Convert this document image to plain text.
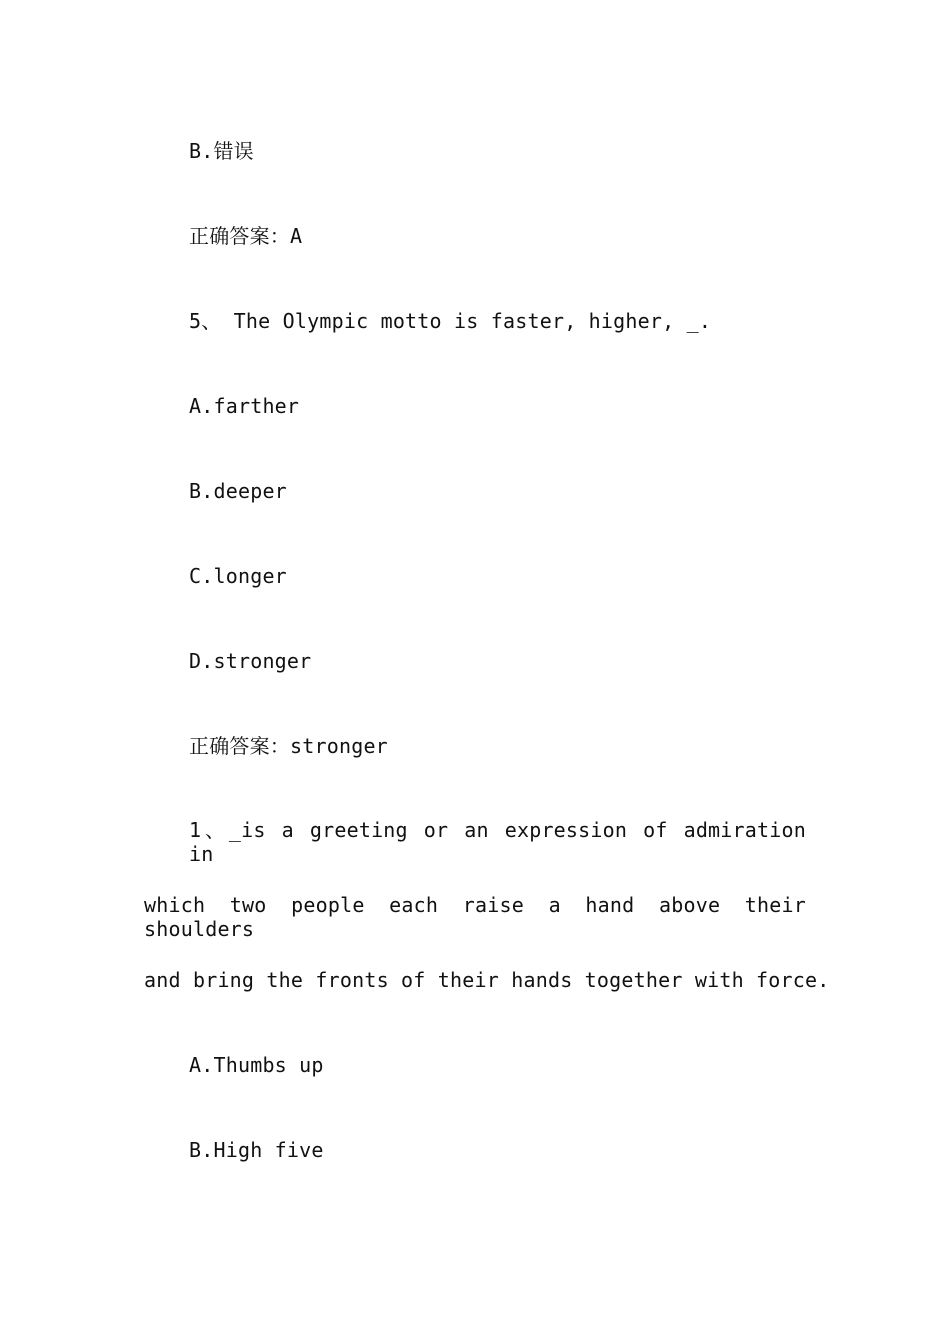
B.错误
正确答案：A
5、 The Olympic motto is faster, higher, _.
A.farther
B.deeper
C.longer
D.stronger
正确答案：stronger
1、_is a greeting or an expression of admiration in
which two people each raise a hand above their shoulders
and bring the fronts of their hands together with force.
A.Thumbs up
B.High five
